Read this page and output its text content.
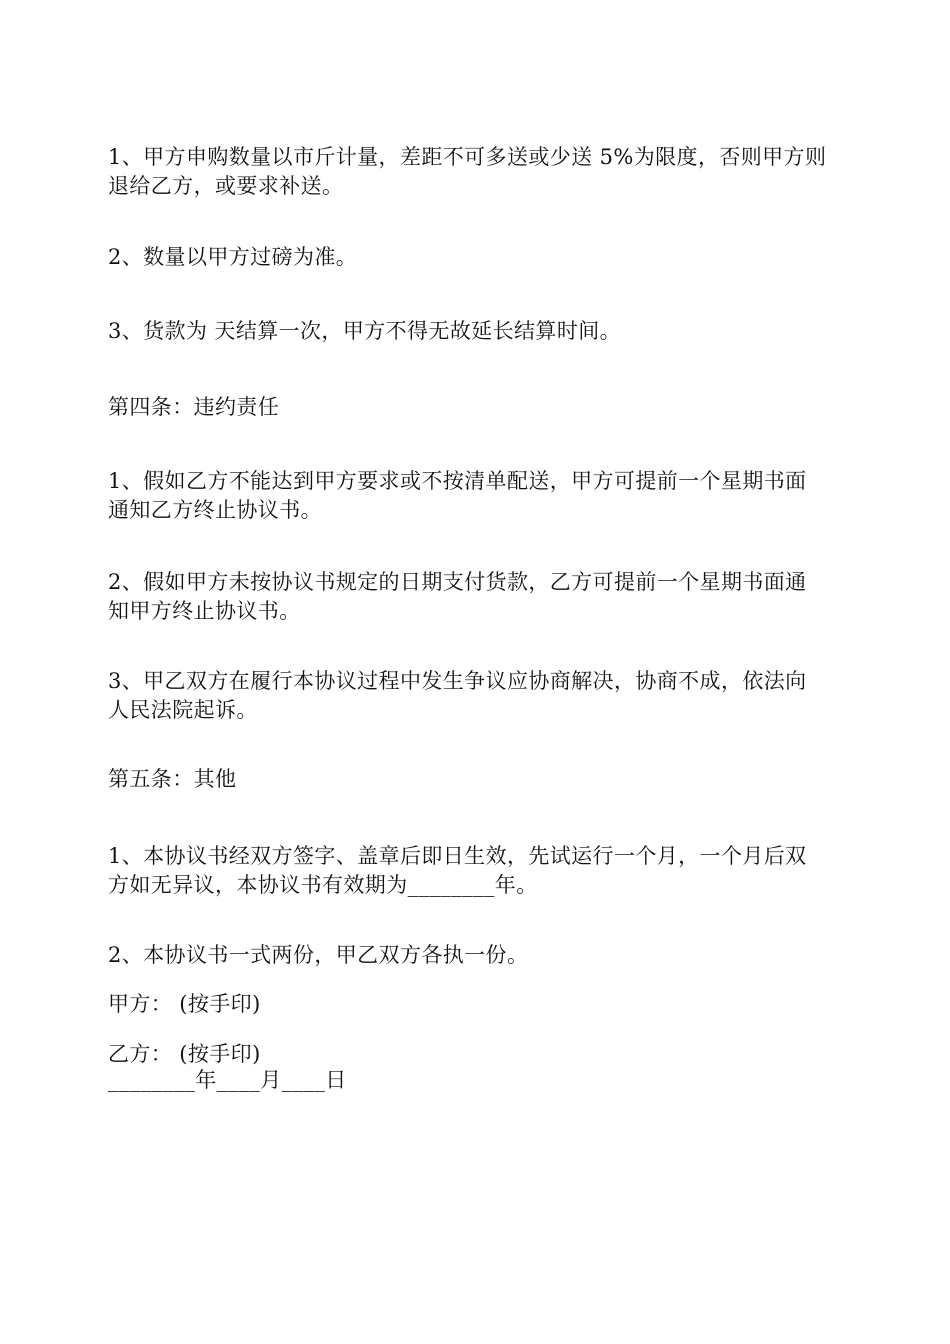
1、甲方申购数量以市斤计量，差距不可多送或少送 5%为限度，否则甲方则
退给乙方，或要求补送。
2、数量以甲方过磅为准。
3、货款为 天结算一次，甲方不得无故延长结算时间。
第四条：违约责任
1、假如乙方不能达到甲方要求或不按清单配送，甲方可提前一个星期书面
通知乙方终止协议书。
2、假如甲方未按协议书规定的日期支付货款，乙方可提前一个星期书面通
知甲方终止协议书。
3、甲乙双方在履行本协议过程中发生争议应协商解决，协商不成，依法向
人民法院起诉。
第五条：其他
1、本协议书经双方签字、盖章后即日生效，先试运行一个月，一个月后双
方如无异议，本协议书有效期为________年。
2、本协议书一式两份，甲乙双方各执一份。
甲方： (按手印)
乙方： (按手印)
________年____月____日
